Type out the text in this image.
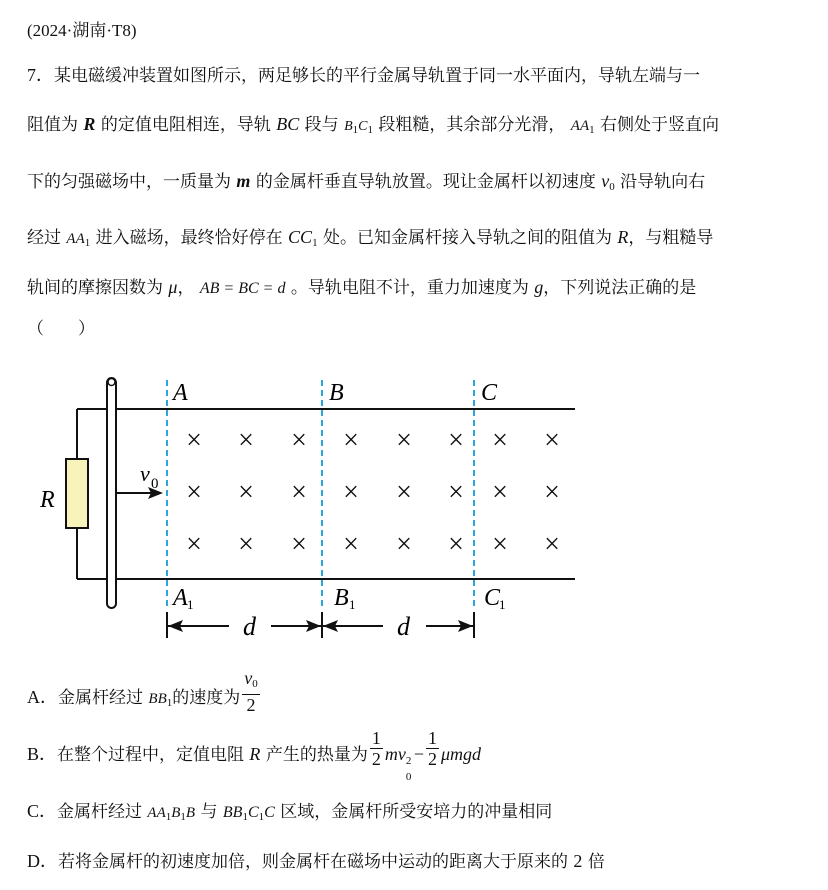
(2024·湖南·T8)
7．某电磁缓冲装置如图所示，两足够长的平行金属导轨置于同一水平面内，导轨左端与一
阻值为 R 的定值电阻相连，导轨 BC 段与 $B_1C_1$ 段粗糙，其余部分光滑， $AA_1$ 右侧处于竖直向
下的匀强磁场中，一质量为 m 的金属杆垂直导轨放置。现让金属杆以初速度 $v_0$ 沿导轨向右
经过 $AA_1$ 进入磁场，最终恰好停在 $CC_1$ 处。已知金属杆接入导轨之间的阻值为 R，与粗糙导
轨间的摩擦因数为 μ， AB = BC = d 。导轨电阻不计，重力加速度为 g，下列说法正确的是
（　　）
× × × × × × × ×
× × × × × × × ×
× × × × × × × ×
R
v 0
A	B	C
A 1	B 1	C
1
d	d
A．金属杆经过 $BB_1$的速度为 $\frac{v_0}{2}$
B．在整个过程中，定值电阻 R 产生的热量为 $\frac{1}{2}$ mv 2
0
− $\frac{1}{2}$ μmgd
C．金属杆经过 $AA_1B_1B$ 与 $BB_1C_1C$ 区域，金属杆所受安培力的冲量相同
D．若将金属杆的初速度加倍，则金属杆在磁场中运动的距离大于原来的 2 倍
